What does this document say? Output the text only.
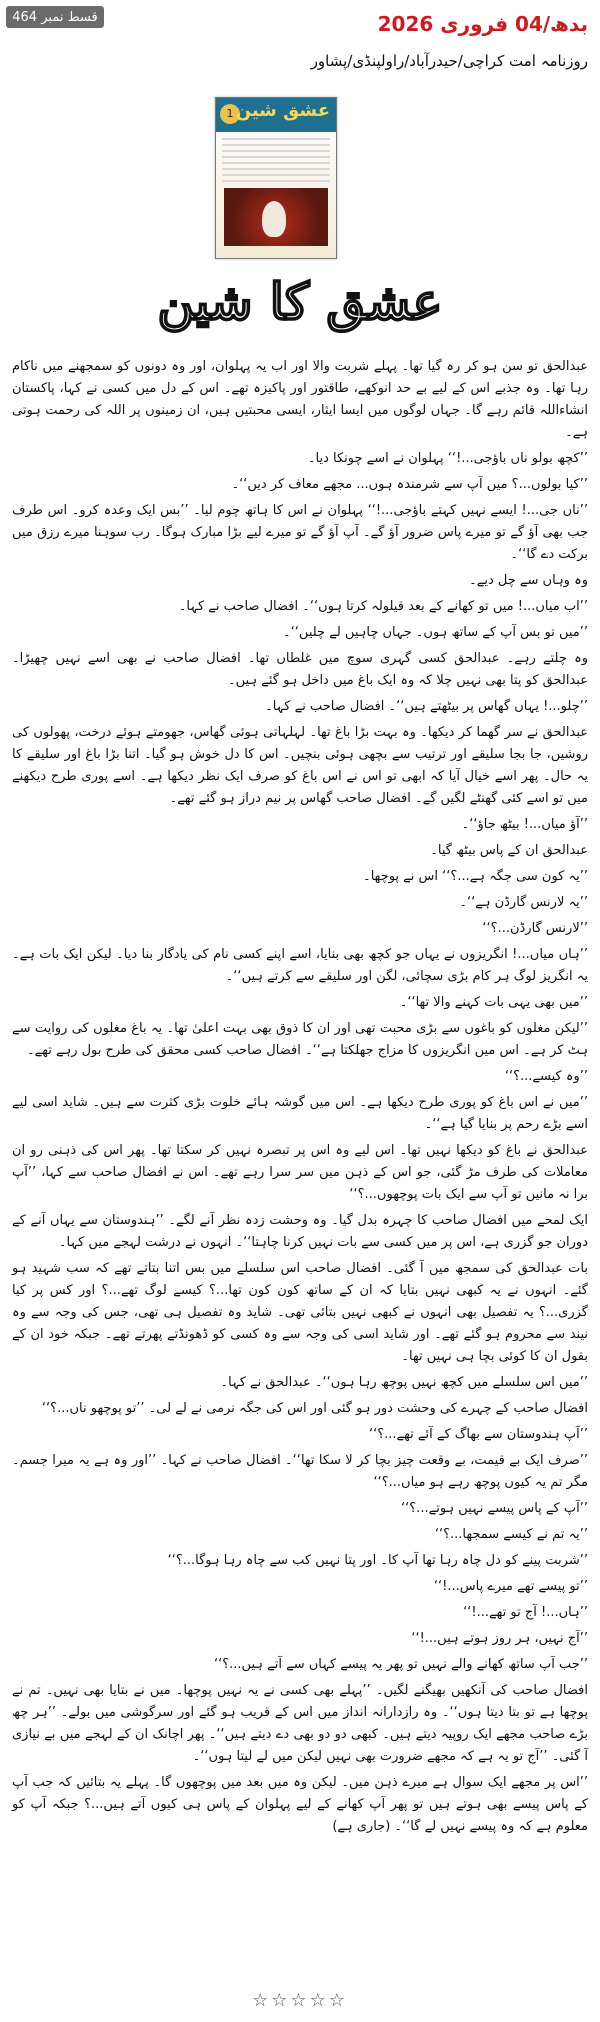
قسط نمبر 464	بدھ/04 فروری 2026
روزنامہ امت کراچی/حیدرآباد/راولپنڈی/پشاور
1 عشق شین
عشق کا شین

عبدالحق تو سن ہو کر رہ گیا تھا۔ پہلے شربت والا اور اب یہ پہلوان، اور وہ دونوں کو سمجھنے میں ناکام رہا تھا۔ وہ جذبے اس کے لیے بے حد انوکھے، طاقتور اور پاکیزہ تھے۔ اس کے دل میں کسی نے کہا، پاکستان انشاءاللہ قائم رہے گا۔ جہاں لوگوں میں ایسا ایثار، ایسی محبتیں ہیں، ان زمینوں پر اللہ کی رحمت ہوتی ہے۔

’’کچھ بولو ناں باؤجی...!‘‘ پہلوان نے اسے چونکا دیا۔

’’کیا بولوں...؟ میں آپ سے شرمندہ ہوں... مجھے معاف کر دیں‘‘۔

’’ناں جی...! ایسے نہیں کہتے باؤجی...!‘‘ پہلوان نے اس کا ہاتھ چوم لیا۔ ’’بس ایک وعدہ کرو۔ اس طرف جب بھی آؤ گے تو میرے پاس ضرور آؤ گے۔ آپ آؤ گے تو میرے لیے بڑا مبارک ہوگا۔ رب سوہنا میرے رزق میں برکت دے گا‘‘۔

وہ وہاں سے چل دیے۔

’’اب میاں...! میں تو کھانے کے بعد قیلولہ کرتا ہوں‘‘۔ افضال صاحب نے کہا۔

’’میں تو بس آپ کے ساتھ ہوں۔ جہاں چاہیں لے چلیں‘‘۔

وہ چلتے رہے۔ عبدالحق کسی گہری سوچ میں غلطاں تھا۔ افضال صاحب نے بھی اسے نہیں چھیڑا۔ عبدالحق کو پتا بھی نہیں چلا کہ وہ ایک باغ میں داخل ہو گئے ہیں۔

’’چلو...! یہاں گھاس پر بیٹھتے ہیں‘‘۔ افضال صاحب نے کہا۔

عبدالحق نے سر گھما کر دیکھا۔ وہ بہت بڑا باغ تھا۔ لہلہاتی ہوئی گھاس، جھومتے ہوئے درخت، پھولوں کی روشیں، جا بجا سلیقے اور ترتیب سے بچھی ہوئی بنچیں۔ اس کا دل خوش ہو گیا۔ اتنا بڑا باغ اور سلیقے کا یہ حال۔ پھر اسے خیال آیا کہ ابھی تو اس نے اس باغ کو صرف ایک نظر دیکھا ہے۔ اسے پوری طرح دیکھنے میں تو اسے کئی گھنٹے لگیں گے۔ افضال صاحب گھاس پر نیم دراز ہو گئے تھے۔

’’آؤ میاں...! بیٹھ جاؤ‘‘۔

عبدالحق ان کے پاس بیٹھ گیا۔

’’یہ کون سی جگہ ہے...؟‘‘ اس نے پوچھا۔

’’یہ لارنس گارڈن ہے‘‘۔

’’لارنس گارڈن...؟‘‘

’’ہاں میاں...! انگریزوں نے یہاں جو کچھ بھی بنایا، اسے اپنے کسی نام کی یادگار بنا دیا۔ لیکن ایک بات ہے۔ یہ انگریز لوگ ہر کام بڑی سچائی، لگن اور سلیقے سے کرتے ہیں‘‘۔

’’میں بھی یہی بات کہنے والا تھا‘‘۔

’’لیکن مغلوں کو باغوں سے بڑی محبت تھی اور ان کا ذوق بھی بہت اعلیٰ تھا۔ یہ باغ مغلوں کی روایت سے ہٹ کر ہے۔ اس میں انگریزوں کا مزاج جھلکتا ہے‘‘۔ افضال صاحب کسی محقق کی طرح بول رہے تھے۔

’’وہ کیسے...؟‘‘

’’میں نے اس باغ کو پوری طرح دیکھا ہے۔ اس میں گوشہ ہائے خلوت بڑی کثرت سے ہیں۔ شاید اسی لیے اسے بڑے رحم پر بنایا گیا ہے‘‘۔

عبدالحق نے باغ کو دیکھا نہیں تھا۔ اس لیے وہ اس پر تبصرہ نہیں کر سکتا تھا۔ پھر اس کی ذہنی رو ان معاملات کی طرف مڑ گئی، جو اس کے ذہن میں سر سرا رہے تھے۔ اس نے افضال صاحب سے کہا، ’’آپ برا نہ مانیں تو آپ سے ایک بات پوچھوں...؟‘‘

ایک لمحے میں افضال صاحب کا چہرہ بدل گیا۔ وہ وحشت زدہ نظر آنے لگے۔ ’’ہندوستان سے یہاں آنے کے دوران جو گزری ہے، اس پر میں کسی سے بات نہیں کرنا چاہتا‘‘۔ انہوں نے درشت لہجے میں کہا۔

بات عبدالحق کی سمجھ میں آ گئی۔ افضال صاحب اس سلسلے میں بس اتنا بتاتے تھے کہ سب شہید ہو گئے۔ انہوں نے یہ کبھی نہیں بتایا کہ ان کے ساتھ کون کون تھا...؟ کیسے لوگ تھے...؟ اور کس پر کیا گزری...؟ یہ تفصیل بھی انہوں نے کبھی نہیں بتائی تھی۔ شاید وہ تفصیل ہی تھی، جس کی وجہ سے وہ نیند سے محروم ہو گئے تھے۔ اور شاید اسی کی وجہ سے وہ کسی کو ڈھونڈتے پھرتے تھے۔ جبکہ خود ان کے بقول ان کا کوئی بچا ہی نہیں تھا۔

’’میں اس سلسلے میں کچھ نہیں پوچھ رہا ہوں‘‘۔ عبدالحق نے کہا۔

افضال صاحب کے چہرے کی وحشت دور ہو گئی اور اس کی جگہ نرمی نے لے لی۔ ’’تو پوچھو ناں...؟‘‘

’’آپ ہندوستان سے بھاگ کے آئے تھے...؟‘‘

’’صرف ایک بے قیمت، بے وقعت چیز بچا کر لا سکا تھا‘‘۔ افضال صاحب نے کہا۔ ’’اور وہ ہے یہ میرا جسم۔ مگر تم یہ کیوں پوچھ رہے ہو میاں...؟‘‘

’’آپ کے پاس پیسے نہیں ہوتے...؟‘‘

’’یہ تم نے کیسے سمجھا...؟‘‘

’’شربت پینے کو دل چاہ رہا تھا آپ کا۔ اور پتا نہیں کب سے چاہ رہا ہوگا...؟‘‘

’’تو پیسے تھے میرے پاس...!‘‘

’’ہاں...! آج تو تھے...!‘‘

’’آج نہیں، ہر روز ہوتے ہیں...!‘‘

’’جب آپ ساتھ کھانے والے نہیں تو پھر یہ پیسے کہاں سے آتے ہیں...؟‘‘

افضال صاحب کی آنکھیں بھیگنے لگیں۔ ’’پہلے بھی کسی نے یہ نہیں پوچھا۔ میں نے بتایا بھی نہیں۔ تم نے پوچھا ہے تو بتا دیتا ہوں‘‘۔ وہ رازدارانہ انداز میں اس کے قریب ہو گئے اور سرگوشی میں بولے۔ ’’ہر چھ بڑے صاحب مجھے ایک روپیہ دیتے ہیں۔ کبھی دو دو بھی دے دیتے ہیں‘‘۔ پھر اچانک ان کے لہجے میں بے نیازی آ گئی۔ ’’آج تو یہ ہے کہ مجھے ضرورت بھی نہیں لیکن میں لے لیتا ہوں‘‘۔

’’اس پر مجھے ایک سوال ہے میرے ذہن میں۔ لیکن وہ میں بعد میں پوچھوں گا۔ پہلے یہ بتائیں کہ جب آپ کے پاس پیسے بھی ہوتے ہیں تو پھر آپ کھانے کے لیے پہلوان کے پاس ہی کیوں آتے ہیں...؟ جبکہ آپ کو معلوم ہے کہ وہ پیسے نہیں لے گا‘‘۔ (جاری ہے)

☆☆☆☆☆
